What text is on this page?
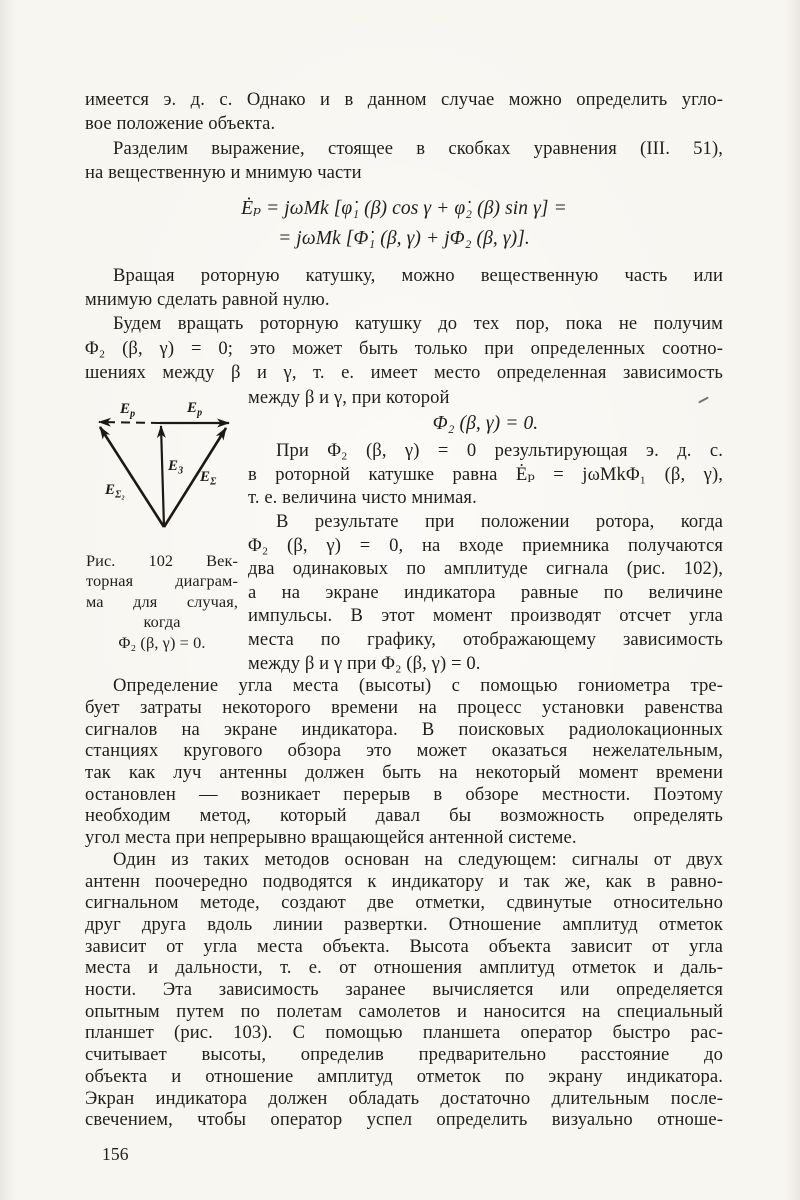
имеется э. д. с. Однако и в данном случае можно определить угло-
вое положение объекта.
Разделим выражение, стоящее в скобках уравнения (III. 51),
на вещественную и мнимую части
Ėₚ = jωMk [φ̇₁ (β) cos γ + φ̇₂ (β) sin γ] =
= jωMk [Φ̇₁ (β, γ) + jΦ₂ (β, γ)].
Вращая роторную катушку, можно вещественную часть или
мнимую сделать равной нулю.
Будем вращать роторную катушку до тех пор, пока не получим
Φ₂ (β, γ) = 0; это может быть только при определенных соотно-
шениях между β и γ, т. е. имеет место определенная зависимость
$E_p$	$E_p$
$E_3$ $E_\Sigma$
$E_{\Sigma_2}$
Рис. 102 Век-
торная диаграм-
ма для случая,
когда
Φ₂ (β, γ) = 0.
между β и γ, при которой
Φ₂ (β, γ) = 0.
При Φ₂ (β, γ) = 0 результирующая э. д. с.
в роторной катушке равна Ėₚ = jωMkΦ₁ (β, γ),
т. е. величина чисто мнимая.
В результате при положении ротора, когда
Φ₂ (β, γ) = 0, на входе приемника получаются
два одинаковых по амплитуде сигнала (рис. 102),
а на экране индикатора равные по величине
импульсы. В этот момент производят отсчет угла
места по графику, отображающему зависимость
между β и γ при Φ₂ (β, γ) = 0.
Определение угла места (высоты) с помощью гониометра тре-
бует затраты некоторого времени на процесс установки равенства
сигналов на экране индикатора. В поисковых радиолокационных
станциях кругового обзора это может оказаться нежелательным,
так как луч антенны должен быть на некоторый момент времени
остановлен — возникает перерыв в обзоре местности. Поэтому
необходим метод, который давал бы возможность определять
угол места при непрерывно вращающейся антенной системе.
Один из таких методов основан на следующем: сигналы от двух
антенн поочередно подводятся к индикатору и так же, как в равно-
сигнальном методе, создают две отметки, сдвинутые относительно
друг друга вдоль линии развертки. Отношение амплитуд отметок
зависит от угла места объекта. Высота объекта зависит от угла
места и дальности, т. е. от отношения амплитуд отметок и даль-
ности. Эта зависимость заранее вычисляется или определяется
опытным путем по полетам самолетов и наносится на специальный
планшет (рис. 103). С помощью планшета оператор быстро рас-
считывает высоты, определив предварительно расстояние до
объекта и отношение амплитуд отметок по экрану индикатора.
Экран индикатора должен обладать достаточно длительным после-
свечением, чтобы оператор успел определить визуально отноше-
156
